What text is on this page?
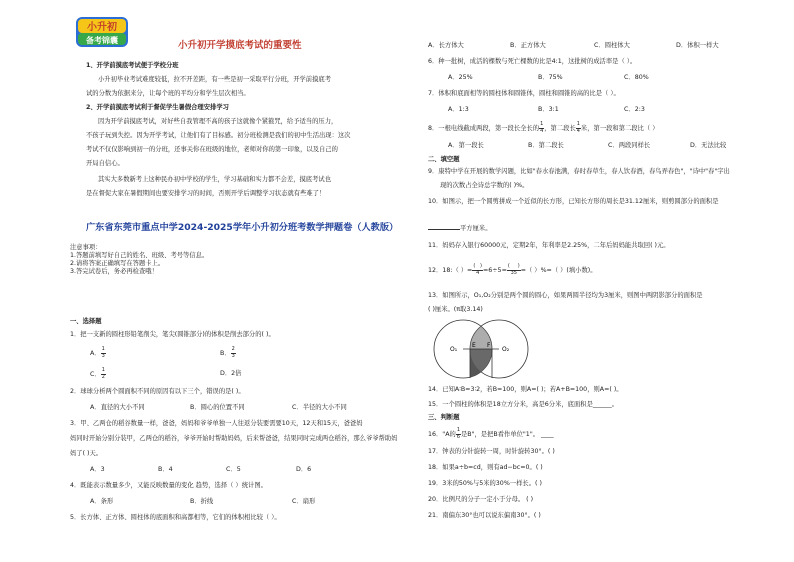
小升初
备考锦囊	小升初开学摸底考试的重要性
1、开学前摸底考试便于学校分班
小升初毕业考试难度较低，拉不开差距，有一些是初一采取平行分班，开学前摸底考
试的分数为依据来分，让每个班的平均分和学生层次相当。
2、开学前摸底考试利于督促学生暑假合理安排学习
因为开学前摸底考试，对好些自我管理不高的孩子这就像个紧箍咒，给予适当的压力，
不孩子玩到失控。因为开学考试，让他们有了目标感。初分班检测是我们的初中生活出现：这次
考试不仅仅影响到初一的分班，还事关你在班级的地位，老师对你的第一印象，以及自己的
开局自信心。
其实大多数新考上这种民办初中学校的学生，学习基础和实力都不会差，摸底考试也
是在督促大家在暑假期间也要安排学习的时间，否则开学后调整学习状态就有些难了！
广东省东莞市重点中学2024-2025学年小升初分班考数学押题卷（人教版）
注意事项：
1.答题前填写好自己的姓名、班级、考号等信息。
2.请将答案正确填写在答题卡上。
3.答完试卷后，务必再检查哦！
一、选择题
1．把一支新的圆柱形铅笔削尖，笔尖(圆锥部分)的体积是削去部分的( )。
A． $\frac{1}{3}$	B． $\frac{2}{3}$
C． $\frac{1}{2}$	D．2倍
2．球球分析两个圆面积不同的原因有以下三个，错误的是( )。
A．直径的大小不同	B．圆心的位置不同	C．半径的大小不同
3．甲、乙两仓的稻谷数量一样，爸爸，妈妈和爷爷单独一人往返分装要需要10天，12天和15天，爸爸妈
妈同时开始分别分装甲，乙两仓的稻谷，爷爷开始时帮助妈妈，后来帮爸爸，结果同时完成两仓稻谷，那么爷爷帮助妈
妈了( )天。
A．3	B．4	C．5	D．6
4．既能表示数量多少，又能反映数量的变化 趋势，选择（ ）统计图。
A．条形	B．折线	C．扇形
5．长方体、正方体、圆柱体的底面积和高都相等，它们的体积相比较（ ）。
A．长方体大	B．正方体大	C．圆柱体大	D．体积一样大
6．种一批树，成活的棵数与死亡棵数的比是4:1，这批树的成活率是（ ）。
A．25%	B．75%	C．80%
7．体积和底面相等的圆柱体和圆锥体，圆柱和圆锥的高的比是（ ）。
A．1:3	B．3:1	C．2:3
8．一根电线截成两段，第一段长全长的 $\frac{1}{4}$，第二段长 $\frac{1}{4}$米，第一段和第二段比（ ）
A．第一段长	B．第二段长	C．两段同样长	D．无法比较
二、填空题
9．康特中学在开展的数学闪题，比如"春水春池满，春时春草生，春人饮春酒，春鸟弄春色"，"诗中"春"字出
现的次数占全诗总字数的( )%。
10．如图示，把一个圆剪拼成一个近似的长方形，已知长方形的周长是31.12厘米，则剪圆部分的面积是
平方厘米。
11．妈妈存入银行60000元，定期2年，年利率是2.25%，二年后妈妈能共取回( )元。
12．18:（ ）= $\frac{( )}{4}=6\div 5= \frac{( )}{35}=$（ ）%=（ ）(填小数)。
13．如图所示，O₁,O₂分别是两个圆的圆心，如果两圆半径均为3厘米，则图中两阴影部分的面积是
( )厘米。(π取3.14)
O₁
E F
O₂
14．已知A∶B=3∶2，若B=100，则A=( )；若A+B=100，则A=( )。
15．一个圆柱的体积是18立方分米，高是6分米，底面积是______。
三、判断题
16．"A的 $\frac{1}{6}$是B"，是把B看作单位"1"。 ____
17．钟表的分针旋转一周，时针旋转30°。( )
18．如果a÷b=cd，则有ad−bc=0。( )
19．3米的50%与5米的30%一样长。( )
20．比例尺的分子一定小于分母。 ( )
21．南偏东30°也可以说东偏南30°。( )
